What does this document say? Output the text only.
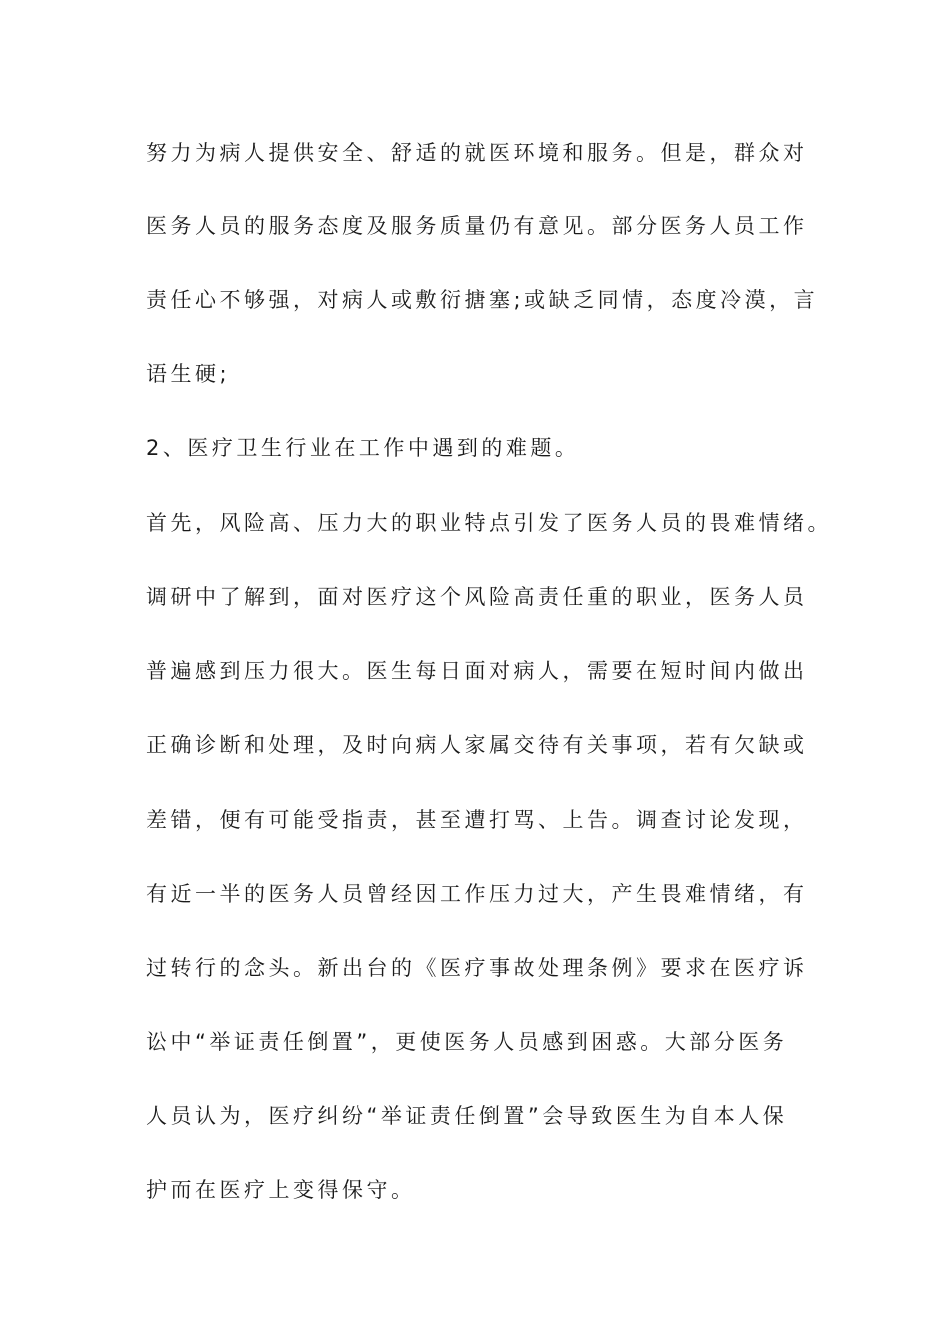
努力为病人提供安全、舒适的就医环境和服务。但是，群众对
医务人员的服务态度及服务质量仍有意见。部分医务人员工作
责任心不够强，对病人或敷衍搪塞;或缺乏同情，态度冷漠，言
语生硬;
2、医疗卫生行业在工作中遇到的难题。
首先，风险高、压力大的职业特点引发了医务人员的畏难情绪。
调研中了解到，面对医疗这个风险高责任重的职业，医务人员
普遍感到压力很大。医生每日面对病人，需要在短时间内做出
正确诊断和处理，及时向病人家属交待有关事项，若有欠缺或
差错，便有可能受指责，甚至遭打骂、上告。调查讨论发现，
有近一半的医务人员曾经因工作压力过大，产生畏难情绪，有
过转行的念头。新出台的《医疗事故处理条例》要求在医疗诉
讼中“举证责任倒置”，更使医务人员感到困惑。大部分医务
人员认为，医疗纠纷“举证责任倒置”会导致医生为自本人保
护而在医疗上变得保守。
